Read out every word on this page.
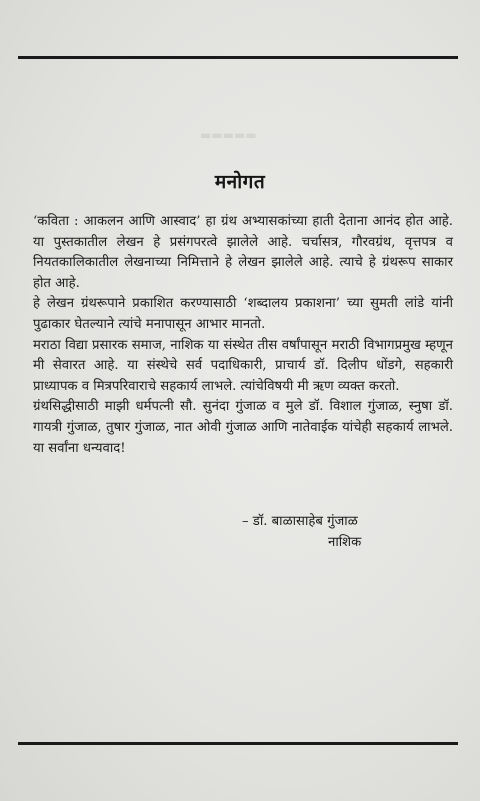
▬▬▬▬▬
मनोगत

‘कविता : आकलन आणि आस्वाद’ हा ग्रंथ अभ्यासकांच्या हाती देताना आनंद होत आहे. या पुस्तकातील लेखन हे प्रसंगपरत्वे झालेले आहे. चर्चासत्र, गौरवग्रंथ, वृत्तपत्र व नियतकालिकातील लेखनाच्या निमित्ताने हे लेखन झालेले आहे. त्याचे हे ग्रंथरूप साकार होत आहे.

हे लेखन ग्रंथरूपाने प्रकाशित करण्यासाठी ‘शब्दालय प्रकाशना’ च्या सुमती लांडे यांनी पुढाकार घेतल्याने त्यांचे मनापासून आभार मानतो.

मराठा विद्या प्रसारक समाज, नाशिक या संस्थेत तीस वर्षांपासून मराठी विभागप्रमुख म्हणून मी सेवारत आहे. या संस्थेचे सर्व पदाधिकारी, प्राचार्य डॉ. दिलीप धोंडगे, सहकारी प्राध्यापक व मित्रपरिवाराचे सहकार्य लाभले. त्यांचेविषयी मी ऋण व्यक्त करतो.

ग्रंथसिद्धीसाठी माझी धर्मपत्नी सौ. सुनंदा गुंजाळ व मुले डॉ. विशाल गुंजाळ, स्नुषा डॉ. गायत्री गुंजाळ, तुषार गुंजाळ, नात ओवी गुंजाळ आणि नातेवाईक यांचेही सहकार्य लाभले. या सर्वांना धन्यवाद!

– डॉ. बाळासाहेब गुंजाळ
नाशिक
